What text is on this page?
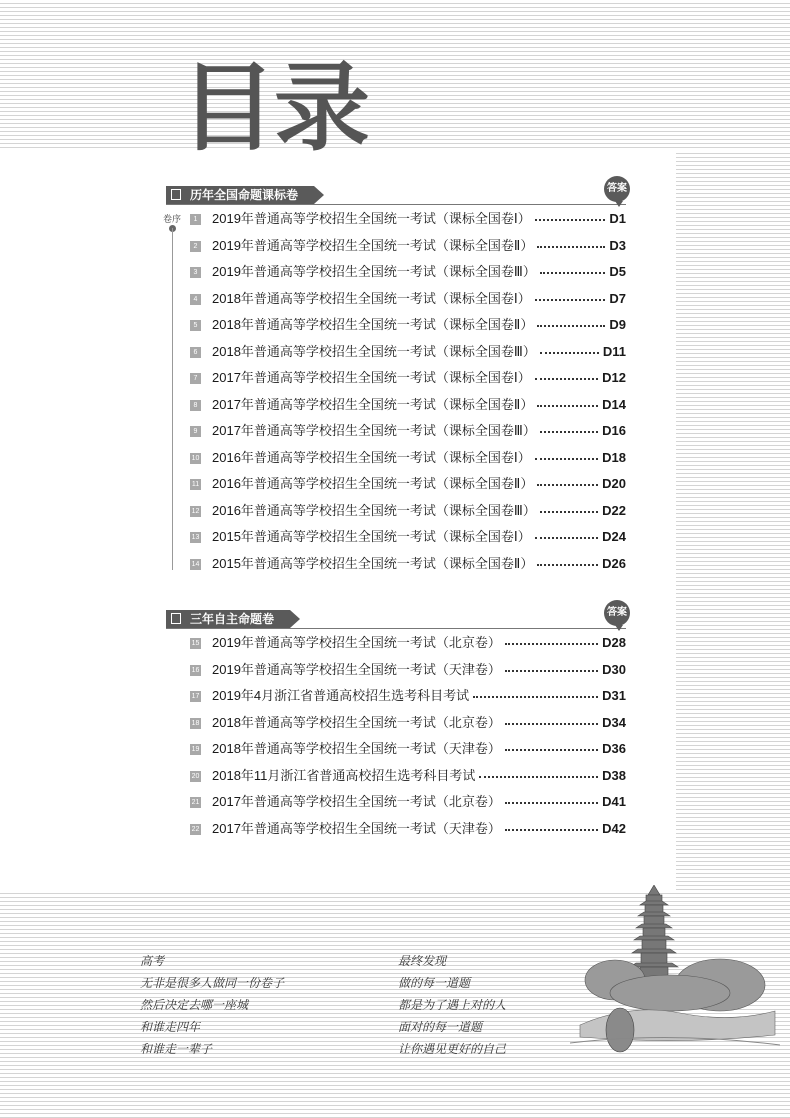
目录
历年全国命题课标卷	答案
卷序	1 2019年普通高等学校招生全国统一考试（课标全国卷Ⅰ）	D1
2 2019年普通高等学校招生全国统一考试（课标全国卷Ⅱ）	D3
3 2019年普通高等学校招生全国统一考试（课标全国卷Ⅲ）	D5
4 2018年普通高等学校招生全国统一考试（课标全国卷Ⅰ）	D7
5 2018年普通高等学校招生全国统一考试（课标全国卷Ⅱ）	D9
6 2018年普通高等学校招生全国统一考试（课标全国卷Ⅲ）	D11
7 2017年普通高等学校招生全国统一考试（课标全国卷Ⅰ）	D12
8 2017年普通高等学校招生全国统一考试（课标全国卷Ⅱ）	D14
9 2017年普通高等学校招生全国统一考试（课标全国卷Ⅲ）	D16
10 2016年普通高等学校招生全国统一考试（课标全国卷Ⅰ）	D18
11 2016年普通高等学校招生全国统一考试（课标全国卷Ⅱ）	D20
12 2016年普通高等学校招生全国统一考试（课标全国卷Ⅲ）	D22
13 2015年普通高等学校招生全国统一考试（课标全国卷Ⅰ）	D24
14 2015年普通高等学校招生全国统一考试（课标全国卷Ⅱ）	D26
三年自主命题卷	答案
15 2019年普通高等学校招生全国统一考试（北京卷）	D28
16 2019年普通高等学校招生全国统一考试（天津卷）	D30
17 2019年4月浙江省普通高校招生选考科目考试	D31
18 2018年普通高等学校招生全国统一考试（北京卷）	D34
19 2018年普通高等学校招生全国统一考试（天津卷）	D36
20 2018年11月浙江省普通高校招生选考科目考试	D38
21 2017年普通高等学校招生全国统一考试（北京卷）	D41
22 2017年普通高等学校招生全国统一考试（天津卷）	D42
高考
无非是很多人做同一份卷子
然后决定去哪一座城
和谁走四年
和谁走一辈子
最终发现
做的每一道题
都是为了遇上对的人
面对的每一道题
让你遇见更好的自己
